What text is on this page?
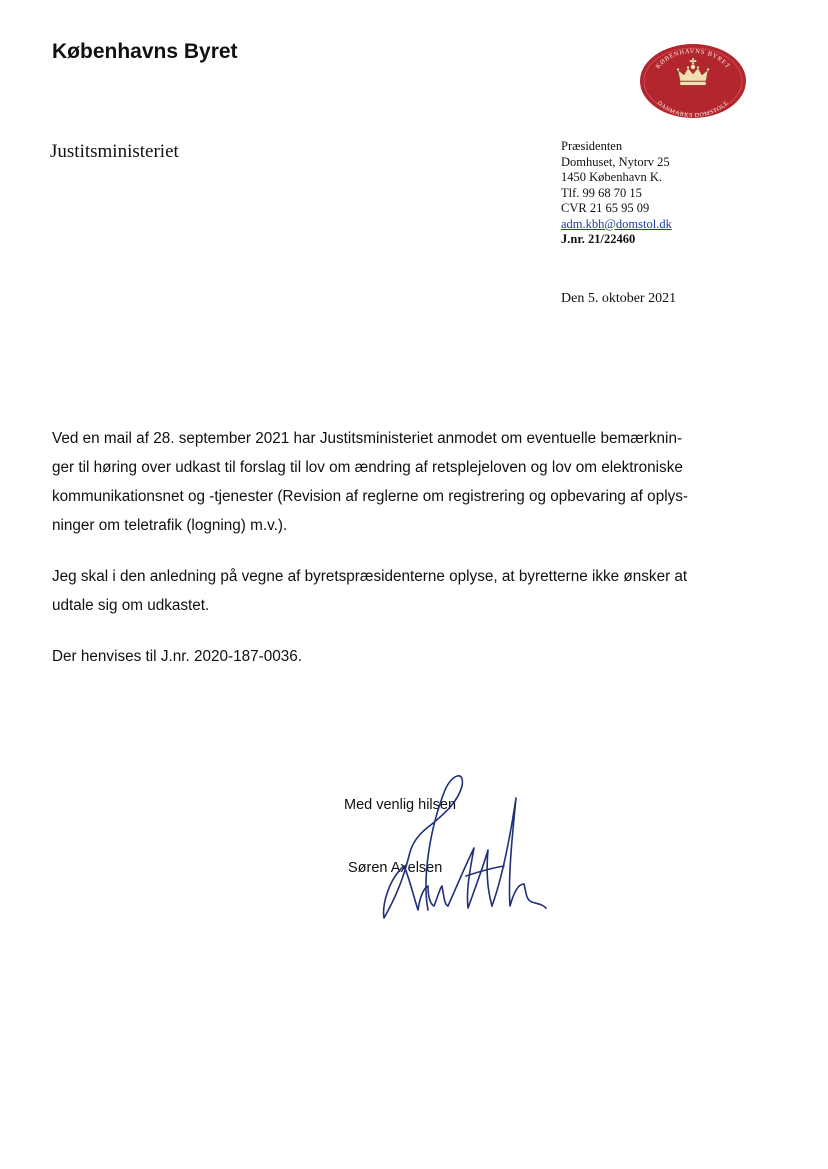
Københavns Byret
KØBENHAVNS BYRET
DANMARKS DOMSTOLE
Justitsministeriet	Præsidenten
Domhuset, Nytorv 25
1450 København K.
Tlf. 99 68 70 15
CVR 21 65 95 09
adm.kbh@domstol.dk
J.nr. 21/22460
Den 5. oktober 2021

Ved en mail af 28. september 2021 har Justitsministeriet anmodet om eventuelle bemærknin-
ger til høring over udkast til forslag til lov om ændring af retsplejeloven og lov om elektroniske
kommunikationsnet og -tjenester (Revision af reglerne om registrering og opbevaring af oplys-
ninger om teletrafik (logning) m.v.).

Jeg skal i den anledning på vegne af byretspræsidenterne oplyse, at byretterne ikke ønsker at
udtale sig om udkastet.

Der henvises til J.nr. 2020-187-0036.

Med venlig hilsen
Søren Axelsen
